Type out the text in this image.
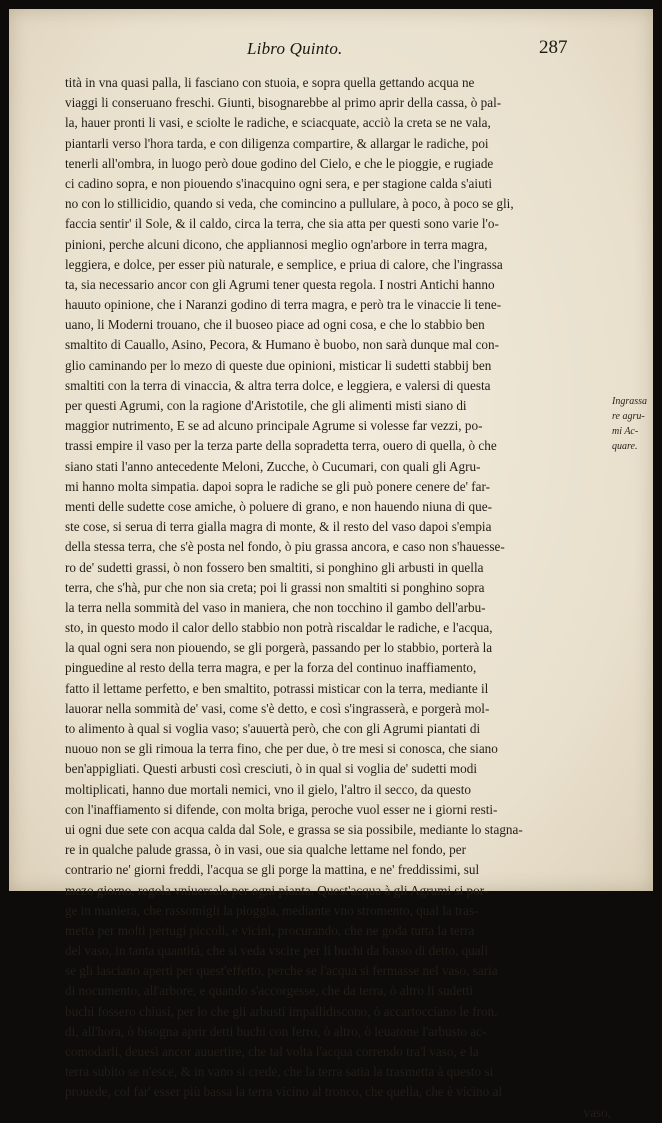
Libro Quinto.	287
tità in vna quasi palla, li fasciano con stuoia, e sopra quella gettando acqua ne
viaggi li conseruano freschi. Giunti, bisognarebbe al primo aprir della cassa, ò pal-
la, hauer pronti li vasi, e sciolte le radiche, e sciacquate, acciò la creta se ne vala,
piantarli verso l'hora tarda, e con diligenza compartire, & allargar le radiche, poi
tenerli all'ombra, in luogo però doue godino del Cielo, e che le pioggie, e rugiade
ci cadino sopra, e non piouendo s'inacquino ogni sera, e per stagione calda s'aiuti
no con lo stillicidio, quando si veda, che comincino a pullulare, à poco, à poco se gli,
faccia sentir' il Sole, & il caldo, circa la terra, che sia atta per questi sono varie l'o-
pinioni, perche alcuni dicono, che appliannosi meglio ogn'arbore in terra magra,
leggiera, e dolce, per esser più naturale, e semplice, e priua di calore, che l'ingrassa
ta, sia necessario ancor con gli Agrumi tener questa regola. I nostri Antichi hanno
hauuto opinione, che i Naranzi godino di terra magra, e però tra le vinaccie li tene-
uano, li Moderni trouano, che il buoseo piace ad ogni cosa, e che lo stabbio ben
smaltito di Cauallo, Asino, Pecora, & Humano è buobo, non sarà dunque mal con-
glio caminando per lo mezo di queste due opinioni, misticar li sudetti stabbij ben
smaltiti con la terra di vinaccia, & altra terra dolce, e leggiera, e valersi di questa
per questi Agrumi, con la ragione d'Aristotile, che gli alimenti misti siano di
maggior nutrimento, E se ad alcuno principale Agrume si volesse far vezzi, po-
trassi empire il vaso per la terza parte della sopradetta terra, ouero di quella, ò che
siano stati l'anno antecedente Meloni, Zucche, ò Cucumari, con quali gli Agru-
mi hanno molta simpatia. dapoi sopra le radiche se gli può ponere cenere de' far-
menti delle sudette cose amiche, ò poluere di grano, e non hauendo niuna di que-
ste cose, si serua di terra gialla magra di monte, & il resto del vaso dapoi s'empia
della stessa terra, che s'è posta nel fondo, ò piu grassa ancora, e caso non s'hauesse-
ro de' sudetti grassi, ò non fossero ben smaltiti, si ponghino gli arbusti in quella
terra, che s'hà, pur che non sia creta; poi li grassi non smaltiti si ponghino sopra
la terra nella sommità del vaso in maniera, che non tocchino il gambo dell'arbu-
sto, in questo modo il calor dello stabbio non potrà riscaldar le radiche, e l'acqua,
la qual ogni sera non piouendo, se gli porgerà, passando per lo stabbio, porterà la
pinguedine al resto della terra magra, e per la forza del continuo inaffiamento,
fatto il lettame perfetto, e ben smaltito, potrassi misticar con la terra, mediante il
lauorar nella sommità de' vasi, come s'è detto, e così s'ingrasserà, e porgerà mol-
to alimento à qual si voglia vaso; s'auuertà però, che con gli Agrumi piantati di
nuouo non se gli rimoua la terra fino, che per due, ò tre mesi si conosca, che siano
ben'appigliati. Questi arbusti così cresciuti, ò in qual si voglia de' sudetti modi
moltiplicati, hanno due mortali nemici, vno il gielo, l'altro il secco, da questo
con l'inaffiamento si difende, con molta briga, peroche vuol esser ne i giorni resti-
ui ogni due sete con acqua calda dal Sole, e grassa se sia possibile, mediante lo stagna-
re in qualche palude grassa, ò in vasi, oue sia qualche lettame nel fondo, per
contrario ne' giorni freddi, l'acqua se gli porge la mattina, e ne' freddissimi, sul
mezo giorno, regola vniuersale per ogni pianta. Quest'acqua à gli Agrumi si por-
ge in maniera, che rassomigli la pioggia, mediante vno stromento, qual la tras-
metta per molti pertugi piccoli, e vicini, procurando, che ne goda tutta la terra
del vaso, in tanta quantità, che si veda vscire per li buchi da basso di detto, quali
se gli lasciano aperti per quest'effetto, perche se l'acqua si fermasse nel vaso, saria
di nocumento, all'arbore, e quando s'accorgesse, che da terra, ò altro li sudetti
buchi fossero chiusi, per lo che gli arbusti impallidiscono, ò accartocciano le fron.
di, all'hora, ò bisogna aprir detti buchi con ferro, ò altro, ò leuatone l'arbusto ac-
comodarli, deuesi ancor auuertire, che tal volta l'acqua correndo tra'l vaso, e la
terra subito se n'esce, & in vano si crede, che la terra satia la trasmetta à questo si
prouede, col far' esser più bassa la terra vicino al tronco, che quella, che è vicino al
vaso,
Ingrassa
re agru-
mi Ac-
quare.
